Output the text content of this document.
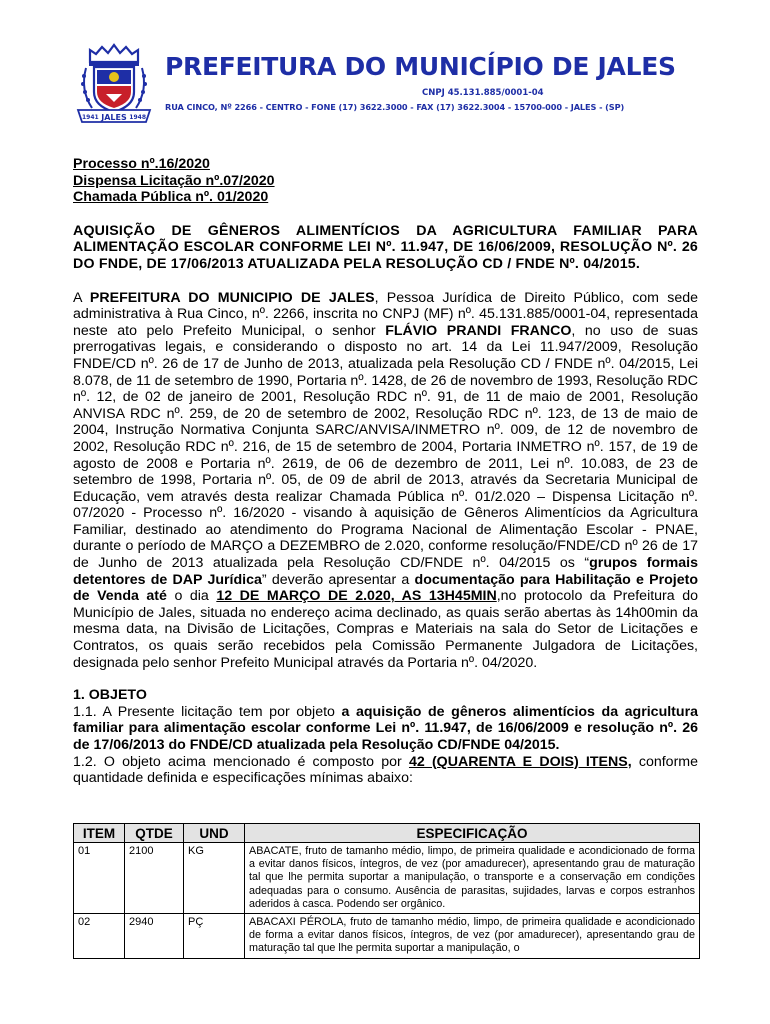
1941 JALES 1948
PREFEITURA DO MUNICÍPIO DE JALES
CNPJ 45.131.885/0001-04
RUA CINCO, Nº 2266 - CENTRO - FONE (17) 3622.3000 - FAX (17) 3622.3004 - 15700-000 - JALES - (SP)

Processo nº.16/2020

Dispensa Licitação nº.07/2020

Chamada Pública nº. 01/2020

AQUISIÇÃO DE GÊNEROS ALIMENTÍCIOS DA AGRICULTURA FAMILIAR PARA ALIMENTAÇÃO ESCOLAR CONFORME LEI Nº. 11.947, DE 16/06/2009, RESOLUÇÃO Nº. 26 DO FNDE, DE 17/06/2013 ATUALIZADA PELA RESOLUÇÃO CD / FNDE Nº. 04/2015.

A PREFEITURA DO MUNICIPIO DE JALES, Pessoa Jurídica de Direito Público, com sede administrativa à Rua Cinco, nº. 2266, inscrita no CNPJ (MF) nº. 45.131.885/0001-04, representada neste ato pelo Prefeito Municipal, o senhor FLÁVIO PRANDI FRANCO, no uso de suas prerrogativas legais, e considerando o disposto no art. 14 da Lei 11.947/2009, Resolução FNDE/CD nº. 26 de 17 de Junho de 2013, atualizada pela Resolução CD / FNDE nº. 04/2015, Lei 8.078, de 11 de setembro de 1990, Portaria nº. 1428, de 26 de novembro de 1993, Resolução RDC nº. 12, de 02 de janeiro de 2001, Resolução RDC nº. 91, de 11 de maio de 2001, Resolução ANVISA RDC nº. 259, de 20 de setembro de 2002, Resolução RDC nº. 123, de 13 de maio de 2004, Instrução Normativa Conjunta SARC/ANVISA/INMETRO nº. 009, de 12 de novembro de 2002, Resolução RDC nº. 216, de 15 de setembro de 2004, Portaria INMETRO nº. 157, de 19 de agosto de 2008 e Portaria nº. 2619, de 06 de dezembro de 2011, Lei nº. 10.083, de 23 de setembro de 1998, Portaria nº. 05, de 09 de abril de 2013, através da Secretaria Municipal de Educação, vem através desta realizar Chamada Pública nº. 01/2.020 – Dispensa Licitação nº. 07/2020 - Processo nº. 16/2020 - visando à aquisição de Gêneros Alimentícios da Agricultura Familiar, destinado ao atendimento do Programa Nacional de Alimentação Escolar - PNAE, durante o período de MARÇO a DEZEMBRO de 2.020, conforme resolução/FNDE/CD nº 26 de 17 de Junho de 2013 atualizada pela Resolução CD/FNDE nº. 04/2015 os “grupos formais detentores de DAP Jurídica” deverão apresentar a documentação para Habilitação e Projeto de Venda até o dia 12 DE MARÇO DE 2.020, AS 13H45MIN,no protocolo da Prefeitura do Município de Jales, situada no endereço acima declinado, as quais serão abertas às 14h00min da mesma data, na Divisão de Licitações, Compras e Materiais na sala do Setor de Licitações e Contratos, os quais serão recebidos pela Comissão Permanente Julgadora de Licitações, designada pelo senhor Prefeito Municipal através da Portaria nº. 04/2020.

1. OBJETO

1.1. A Presente licitação tem por objeto a aquisição de gêneros alimentícios da agricultura familiar para alimentação escolar conforme Lei nº. 11.947, de 16/06/2009 e resolução nº. 26 de 17/06/2013 do FNDE/CD atualizada pela Resolução CD/FNDE 04/2015.

1.2. O objeto acima mencionado é composto por 42 (QUARENTA E DOIS) ITENS, conforme quantidade definida e especificações mínimas abaixo:

ITEM	QTDE	UND	ESPECIFICAÇÃO
01	2100	KG	ABACATE, fruto de tamanho médio, limpo, de primeira qualidade e acondicionado de forma a evitar danos físicos, íntegros, de vez (por amadurecer), apresentando grau de maturação tal que lhe permita suportar a manipulação, o transporte e a conservação em condições adequadas para o consumo. Ausência de parasitas, sujidades, larvas e corpos estranhos aderidos à casca. Podendo ser orgânico.
02	2940	PÇ	ABACAXI PÉROLA, fruto de tamanho médio, limpo, de primeira qualidade e acondicionado de forma a evitar danos físicos, íntegros, de vez (por amadurecer), apresentando grau de maturação tal que lhe permita suportar a manipulação, o
